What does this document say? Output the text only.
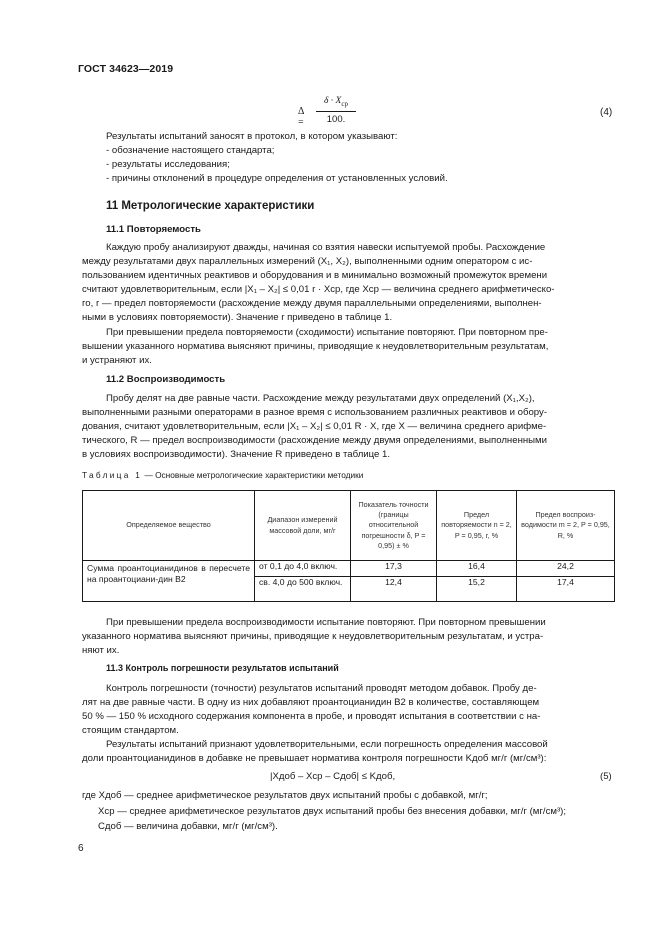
ГОСТ 34623—2019
Δ =
$\delta \cdot X_{ср}$
100.
(4)
Результаты испытаний заносят в протокол, в котором указывают:
- обозначение настоящего стандарта;
- результаты исследования;
- причины отклонений в процедуре определения от установленных условий.
11 Метрологические характеристики
11.1 Повторяемость
Каждую пробу анализируют дважды, начиная со взятия навески испытуемой пробы. Расхождение
между результатами двух параллельных измерений (X₁, X₂), выполненными одним оператором с ис-
пользованием идентичных реактивов и оборудования и в минимально возможный промежуток времени
считают удовлетворительным, если |X₁ – X₂| ≤ 0,01 r · Xср, где Xср — величина среднего арифметическо-
го, r — предел повторяемости (расхождение между двумя параллельными определениями, выполнен-
ными в условиях повторяемости). Значение r приведено в таблице 1.
При превышении предела повторяемости (сходимости) испытание повторяют. При повторном пре-
вышении указанного норматива выясняют причины, приводящие к неудовлетворительным результатам,
и устраняют их.
11.2 Воспроизводимость
Пробу делят на две равные части. Расхождение между результатами двух определений (X₁,X₂),
выполненными разными операторами в разное время с использованием различных реактивов и обору-
дования, считают удовлетворительным, если |X₁ – X₂| ≤ 0,01 R · X, где X — величина среднего арифме-
тического, R — предел воспроизводимости (расхождение между двумя определениями, выполненными
в условиях воспроизводимости). Значение R приведено в таблице 1.
Таблица 1 — Основные метрологические характеристики методики
Определяемое вещество	Диапазон измерений массовой доли, мг/г	Показатель точности (границы относительной погрешности δ, P = 0,95) ± %	Предел повторяемости n = 2, P = 0,95, r, %	Предел воспроиз-водимости m = 2, P = 0,95, R, %
Сумма проантоцианидинов в пересчете на проантоциани-дин В2	от 0,1 до 4,0 включ.	17,3	16,4	24,2
	св. 4,0 до 500 включ.	12,4	15,2	17,4
При превышении предела воспроизводимости испытание повторяют. При повторном превышении
указанного норматива выясняют причины, приводящие к неудовлетворительным результатам, и устра-
няют их.
11.3 Контроль погрешности результатов испытаний
Контроль погрешности (точности) результатов испытаний проводят методом добавок. Пробу де-
лят на две равные части. В одну из них добавляют проантоцианидин В2 в количестве, составляющем
50 % — 150 % исходного содержания компонента в пробе, и проводят испытания в соответствии с на-
стоящим стандартом.
Результаты испытаний признают удовлетворительными, если погрешность определения массовой
доли проантоцианидинов в добавке не превышает норматива контроля погрешности Kдоб мг/г (мг/см³):
|Xдоб – Xср – Сдоб| ≤ Kдоб,	(5)
где Xдоб — среднее арифметическое результатов двух испытаний пробы с добавкой, мг/г;
Xср — среднее арифметическое результатов двух испытаний пробы без внесения добавки, мг/г (мг/см³);
Сдоб — величина добавки, мг/г (мг/см³).
6
